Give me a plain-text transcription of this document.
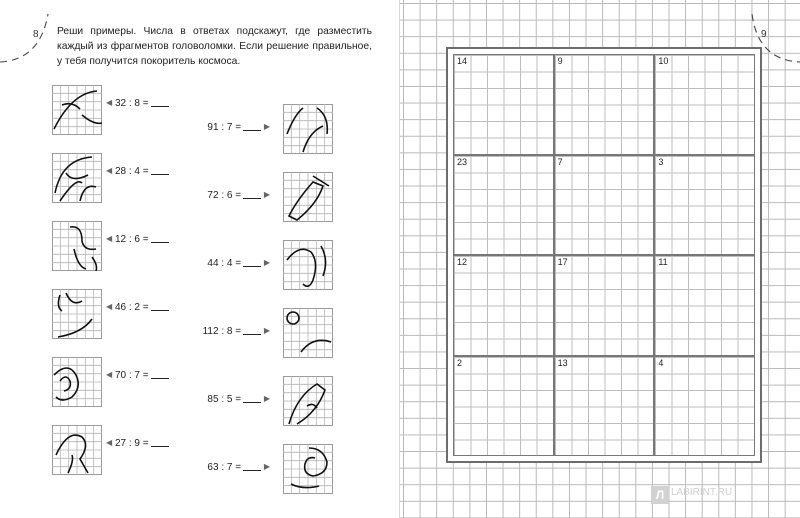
8 Реши примеры. Числа в ответах подскажут, где разместить каждый из фрагментов головоломки. Если решение правильное, у тебя получится покоритель космоса.

◀ 32 : 8 =
91 : 7 =	▶
◀ 28 : 4 =
72 : 6 =	▶
◀ 12 : 6 =
44 : 4 =	▶
◀ 46 : 2 =
112 : 8 =	▶
◀ 70 : 7 =
85 : 5 =	▶
◀ 27 : 9 =
63 : 7 =	▶
9
14	9	10
23	7	3
12	17	11
2	13	4
Л LABIRINT.RU
